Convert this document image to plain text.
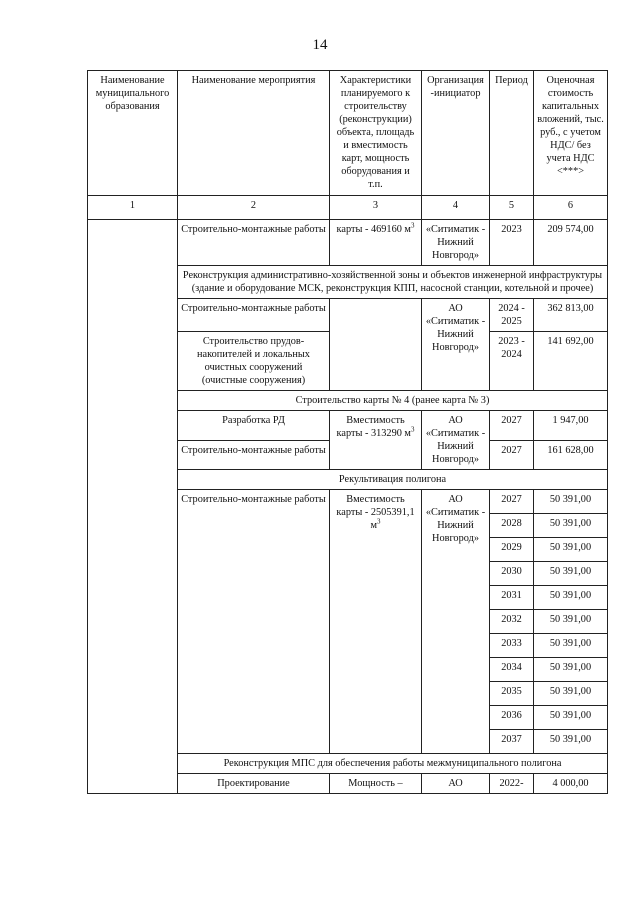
14
Наименование муниципального образования	Наименование мероприятия	Характеристики планируемого к строительству (реконструкции) объекта, площадь и вместимость карт, мощность оборудования и т.п.	Организация -инициатор	Период	Оценочная стоимость капитальных вложений, тыс. руб., с учетом НДС/ без учета НДС <***>
1	2	3	4	5	6
	Строительно-монтажные работы	карты - 469160 $м^3$	«Ситиматик - Нижний Новгород»	2023	209 574,00
	Реконструкция административно-хозяйственной зоны и объектов инженерной инфраструктуры (здание и оборудование МСК, реконструкция КПП, насосной станции, котельной и прочее)				
	Строительно-монтажные работы		АО «Ситиматик - Нижний Новгород»	2024 - 2025	362 813,00
	Строительство прудов-накопителей и локальных очистных сооружений (очистные сооружения)			2023 - 2024	141 692,00
	Строительство карты № 4 (ранее карта № 3)				
	Разработка РД	Вместимость карты - 313290 $м^3$	АО «Ситиматик - Нижний Новгород»	2027	1 947,00
	Строительно-монтажные работы			2027	161 628,00
	Рекультивация полигона				
	Строительно-монтажные работы	Вместимость карты - 2505391,1 $м^3$	АО «Ситиматик - Нижний Новгород»	2027	50 391,00
				2028	50 391,00
				2029	50 391,00
				2030	50 391,00
				2031	50 391,00
				2032	50 391,00
				2033	50 391,00
				2034	50 391,00
				2035	50 391,00
				2036	50 391,00
				2037	50 391,00
	Реконструкция МПС для обеспечения работы межмуниципального полигона				
	Проектирование	Мощность –	АО	2022-	4 000,00
